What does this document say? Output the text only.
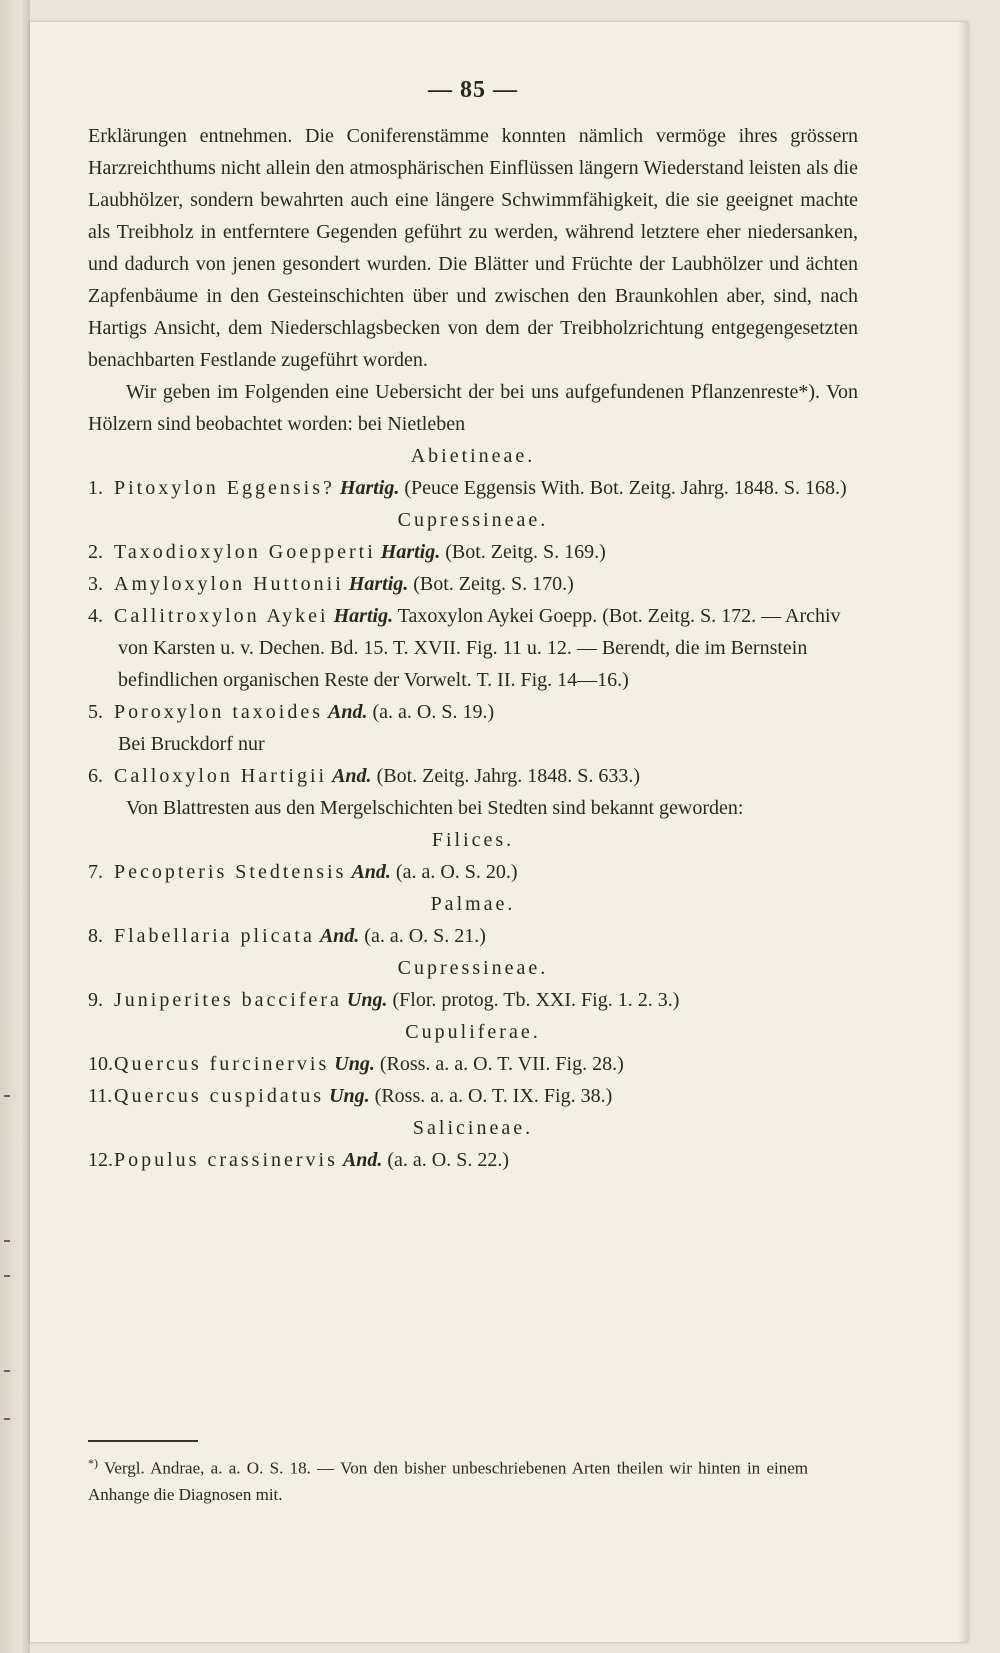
— 85 —

Erklärungen entnehmen. Die Coniferenstämme konnten nämlich vermöge ihres grössern Harzreichthums nicht allein den atmosphärischen Einflüssen längern Wiederstand leisten als die Laubhölzer, sondern bewahrten auch eine längere Schwimmfähigkeit, die sie geeignet machte als Treibholz in entferntere Gegenden geführt zu werden, während letztere eher niedersanken, und dadurch von jenen gesondert wurden. Die Blätter und Früchte der Laubhölzer und ächten Zapfenbäume in den Gesteinschichten über und zwischen den Braunkohlen aber, sind, nach Hartigs Ansicht, dem Niederschlagsbecken von dem der Treibholzrichtung entgegengesetzten benachbarten Festlande zugeführt worden.

Wir geben im Folgenden eine Uebersicht der bei uns aufgefundenen Pflanzenreste*). Von Hölzern sind beobachtet worden: bei Nietleben

Abietineae.

1. Pitoxylon Eggensis? Hartig. (Peuce Eggensis With. Bot. Zeitg. Jahrg. 1848. S. 168.)

Cupressineae.

2. Taxodioxylon Goepperti Hartig. (Bot. Zeitg. S. 169.)

3. Amyloxylon Huttonii Hartig. (Bot. Zeitg. S. 170.)

4. Callitroxylon Aykei Hartig. Taxoxylon Aykei Goepp. (Bot. Zeitg. S. 172. — Archiv von Karsten u. v. Dechen. Bd. 15. T. XVII. Fig. 11 u. 12. — Berendt, die im Bernstein befindlichen organischen Reste der Vorwelt. T. II. Fig. 14—16.)

5. Poroxylon taxoides And. (a. a. O. S. 19.)

Bei Bruckdorf nur

6. Calloxylon Hartigii And. (Bot. Zeitg. Jahrg. 1848. S. 633.)

Von Blattresten aus den Mergelschichten bei Stedten sind bekannt geworden:

Filices.

7. Pecopteris Stedtensis And. (a. a. O. S. 20.)

Palmae.

8. Flabellaria plicata And. (a. a. O. S. 21.)

Cupressineae.

9. Juniperites baccifera Ung. (Flor. protog. Tb. XXI. Fig. 1. 2. 3.)

Cupuliferae.

10.Quercus furcinervis Ung. (Ross. a. a. O. T. VII. Fig. 28.)

11.Quercus cuspidatus Ung. (Ross. a. a. O. T. IX. Fig. 38.)

Salicineae.

12.Populus crassinervis And. (a. a. O. S. 22.)

*) Vergl. Andrae, a. a. O. S. 18. — Von den bisher unbeschriebenen Arten theilen wir hinten in einem Anhange die Diagnosen mit.
